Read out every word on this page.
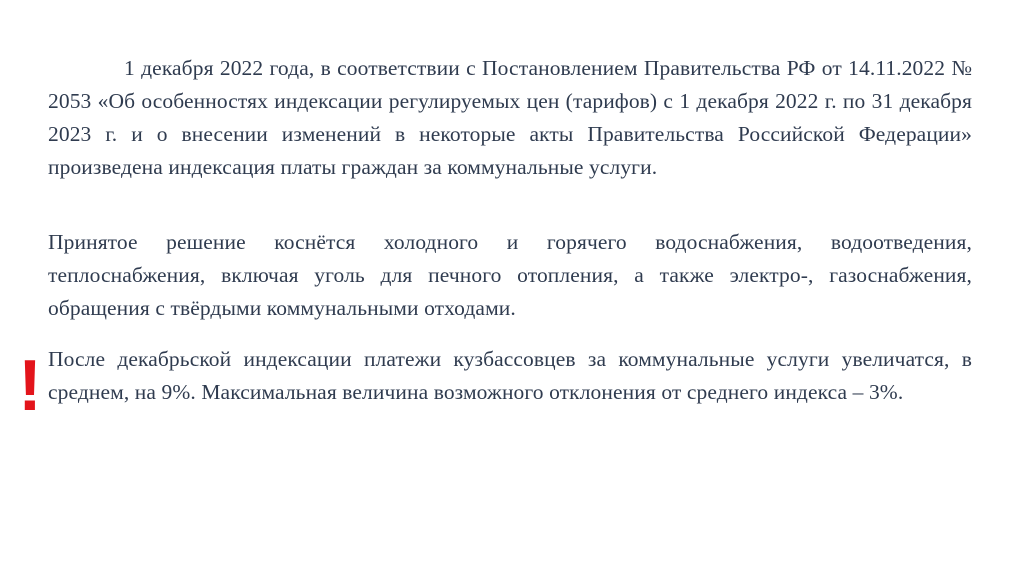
1 декабря 2022 года, в соответствии с Постановлением Правительства РФ от 14.11.2022 № 2053 «Об особенностях индексации регулируемых цен (тарифов) с 1 декабря 2022 г. по 31 декабря 2023 г. и о внесении изменений в некоторые акты Правительства Российской Федерации» произведена индексация платы граждан за коммунальные услуги.

Принятое решение коснётся холодного и горячего водоснабжения, водоотведения, теплоснабжения, включая уголь для печного отопления, а также электро-, газоснабжения, обращения с твёрдыми коммунальными отходами.

! После декабрьской индексации платежи кузбассовцев за коммунальные услуги увеличатся, в среднем, на 9%. Максимальная величина возможного отклонения от среднего индекса – 3%.
